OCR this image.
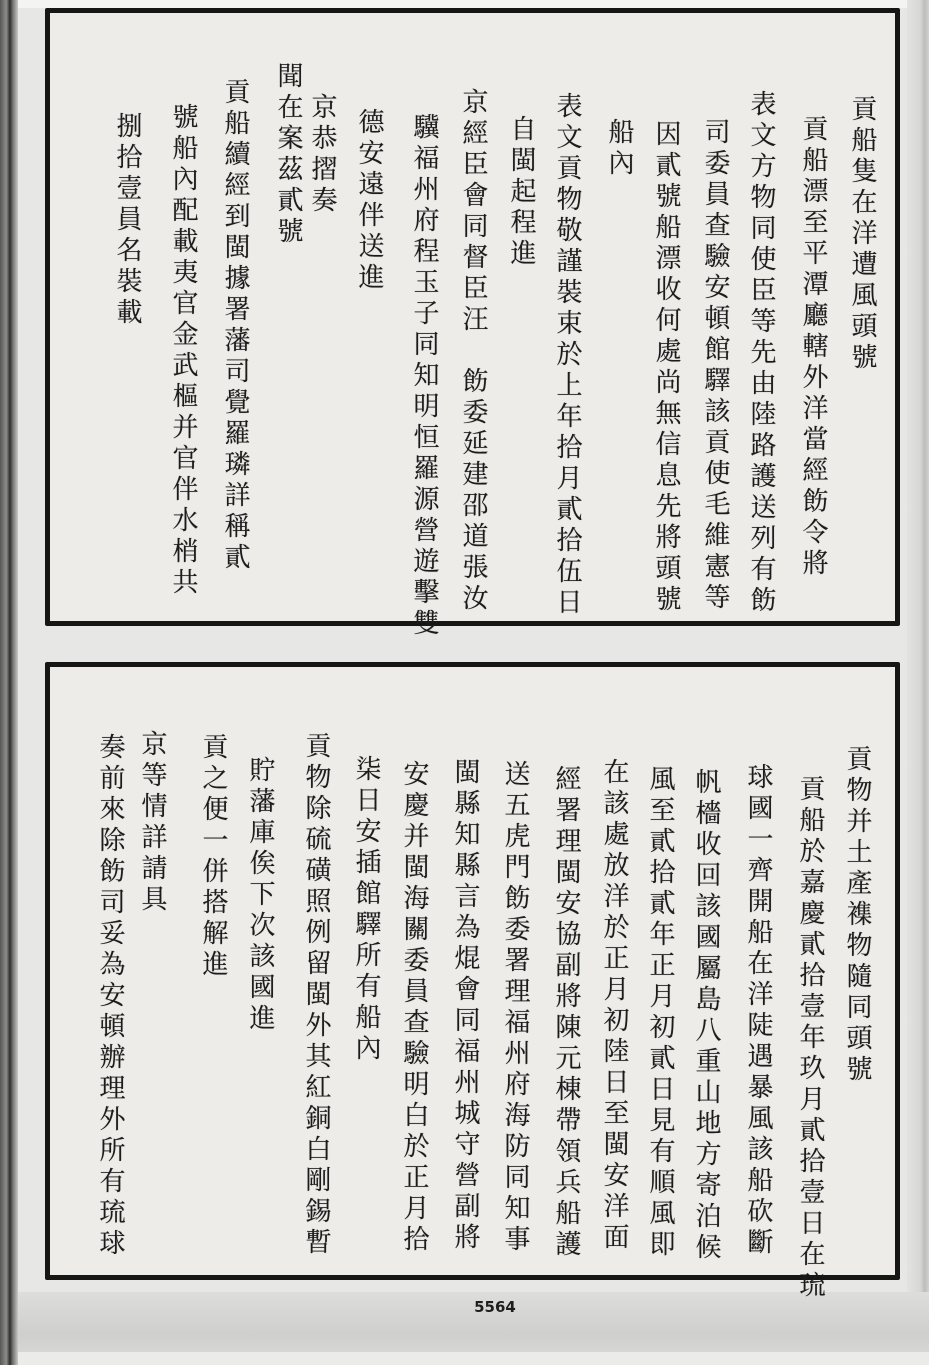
貢船隻在洋遭風頭號
貢船漂至平潭廳轄外洋當經飭令將
表文方物同使臣等先由陸路護送列有飭
司委員查驗安頓館驛該貢使毛維憲等
因貳號船漂收何處尚無信息先將頭號
船內
表文貢物敬謹裝束於上年拾月貳拾伍日
自閩起程進
京經臣會同督臣汪　飭委延建邵道張汝
驥福州府程玉子同知明恒羅源營遊擊雙
德安遠伴送進
京恭摺奏
聞在案茲貳號
貢船續經到閩據署藩司覺羅璘詳稱貳
號船內配載夷官金武樞并官伴水梢共
捌拾壹員名裝載
貢物并土產襍物隨同頭號
貢船於嘉慶貳拾壹年玖月貳拾壹日在琉
球國一齊開船在洋陡遇暴風該船砍斷
帆檣收回該國屬島八重山地方寄泊候
風至貳拾貳年正月初貳日見有順風即
在該處放洋於正月初陸日至閩安洋面
經署理閩安協副將陳元棟帶領兵船護
送五虎門飭委署理福州府海防同知事
閩縣知縣言為焜會同福州城守營副將
安慶并閩海關委員查驗明白於正月拾
柒日安插館驛所有船內
貢物除硫磺照例留閩外其紅銅白剛錫暫
貯藩庫俟下次該國進
貢之便一併搭解進
京等情詳請具
奏前來除飭司妥為安頓辦理外所有琉球
5564
